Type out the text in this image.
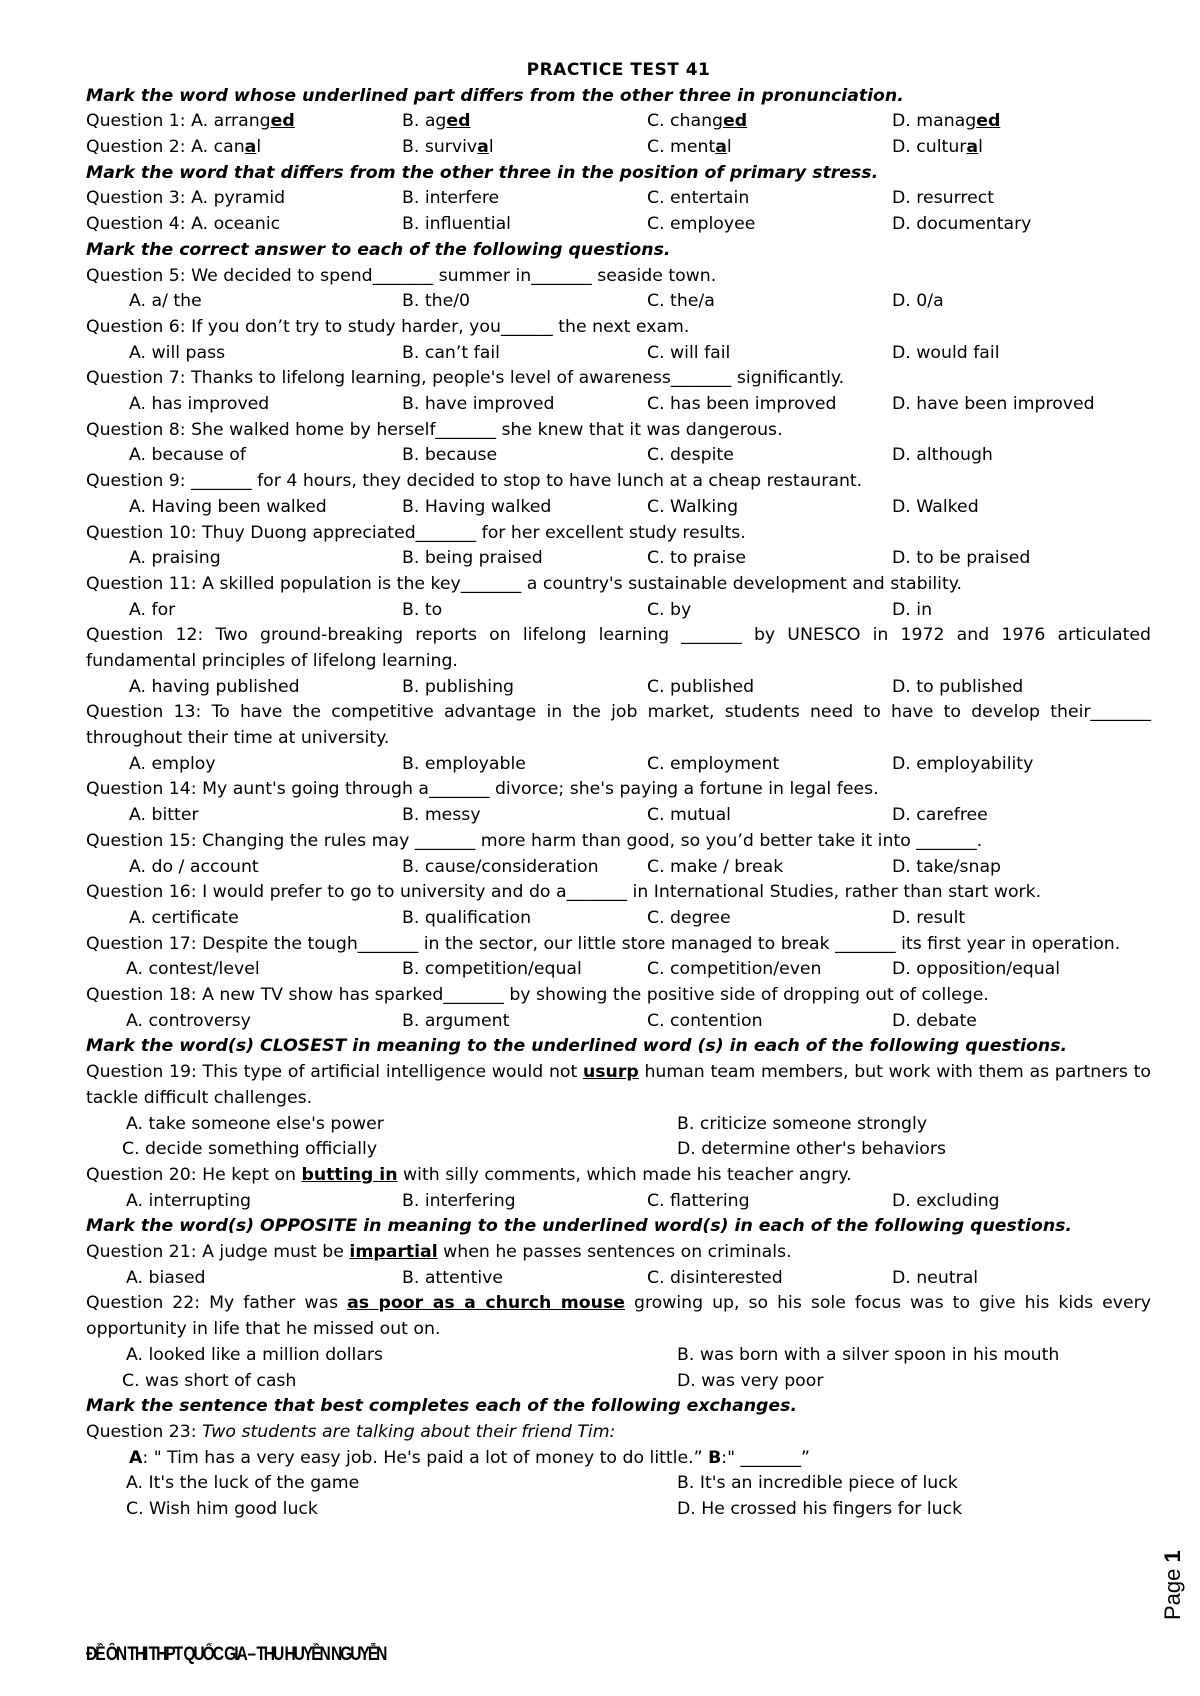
PRACTICE TEST 41
Mark the word whose underlined part differs from the other three in pronunciation.
Question 1: A. arranged	B. aged	C. changed	D. managed
Question 2: A. canal	B. survival	C. mental	D. cultural
Mark the word that differs from the other three in the position of primary stress.
Question 3: A. pyramid	B. interfere	C. entertain	D. resurrect
Question 4: A. oceanic	B. influential	C. employee	D. documentary
Mark the correct answer to each of the following questions.
Question 5: We decided to spend_______ summer in_______ seaside town.
A. a/ the	B. the/0	C. the/a	D. 0/a
Question 6: If you don’t try to study harder, you______ the next exam.
A. will pass	B. can’t fail	C. will fail	D. would fail
Question 7: Thanks to lifelong learning, people's level of awareness_______ significantly.
A. has improved	B. have improved	C. has been improved	D. have been improved
Question 8: She walked home by herself_______ she knew that it was dangerous.
A. because of	B. because	C. despite	D. although
Question 9: _______ for 4 hours, they decided to stop to have lunch at a cheap restaurant.
A. Having been walked	B. Having walked	C. Walking	D. Walked
Question 10: Thuy Duong appreciated_______ for her excellent study results.
A. praising	B. being praised	C. to praise	D. to be praised
Question 11: A skilled population is the key_______ a country's sustainable development and stability.
A. for	B. to	C. by	D. in
Question 12: Two ground-breaking reports on lifelong learning _______ by UNESCO in 1972 and 1976 articulated fundamental principles of lifelong learning.
A. having published	B. publishing	C. published	D. to published
Question 13: To have the competitive advantage in the job market, students need to have to develop their_______ throughout their time at university.
A. employ	B. employable	C. employment	D. employability
Question 14: My aunt's going through a_______ divorce; she's paying a fortune in legal fees.
A. bitter	B. messy	C. mutual	D. carefree
Question 15: Changing the rules may _______ more harm than good, so you’d better take it into _______.
A. do / account	B. cause/consideration	C. make / break	D. take/snap
Question 16: I would prefer to go to university and do a_______ in International Studies, rather than start work.
A. certificate	B. qualification	C. degree	D. result
Question 17: Despite the tough_______ in the sector, our little store managed to break _______ its first year in operation.
A. contest/level	B. competition/equal	C. competition/even	D. opposition/equal
Question 18: A new TV show has sparked_______ by showing the positive side of dropping out of college.
A. controversy	B. argument	C. contention	D. debate
Mark the word(s) CLOSEST in meaning to the underlined word (s) in each of the following questions.
Question 19: This type of artificial intelligence would not usurp human team members, but work with them as partners to tackle difficult challenges.
A. take someone else's power	B. criticize someone strongly
C. decide something officially	D. determine other's behaviors
Question 20: He kept on butting in with silly comments, which made his teacher angry.
A. interrupting	B. interfering	C. flattering	D. excluding
Mark the word(s) OPPOSITE in meaning to the underlined word(s) in each of the following questions.
Question 21: A judge must be impartial when he passes sentences on criminals.
A. biased	B. attentive	C. disinterested	D. neutral
Question 22: My father was as poor as a church mouse growing up, so his sole focus was to give his kids every opportunity in life that he missed out on.
A. looked like a million dollars	B. was born with a silver spoon in his mouth
C. was short of cash	D. was very poor
Mark the sentence that best completes each of the following exchanges.
Question 23: Two students are talking about their friend Tim:
A: " Tim has a very easy job. He's paid a lot of money to do little.” B:" _______”
A. It's the luck of the game	B. It's an incredible piece of luck
C. Wish him good luck	D. He crossed his fingers for luck
ĐỀ ÔN THI THPT QUỐC GIA – THU HUYỀN NGUYỄN
Page 1
